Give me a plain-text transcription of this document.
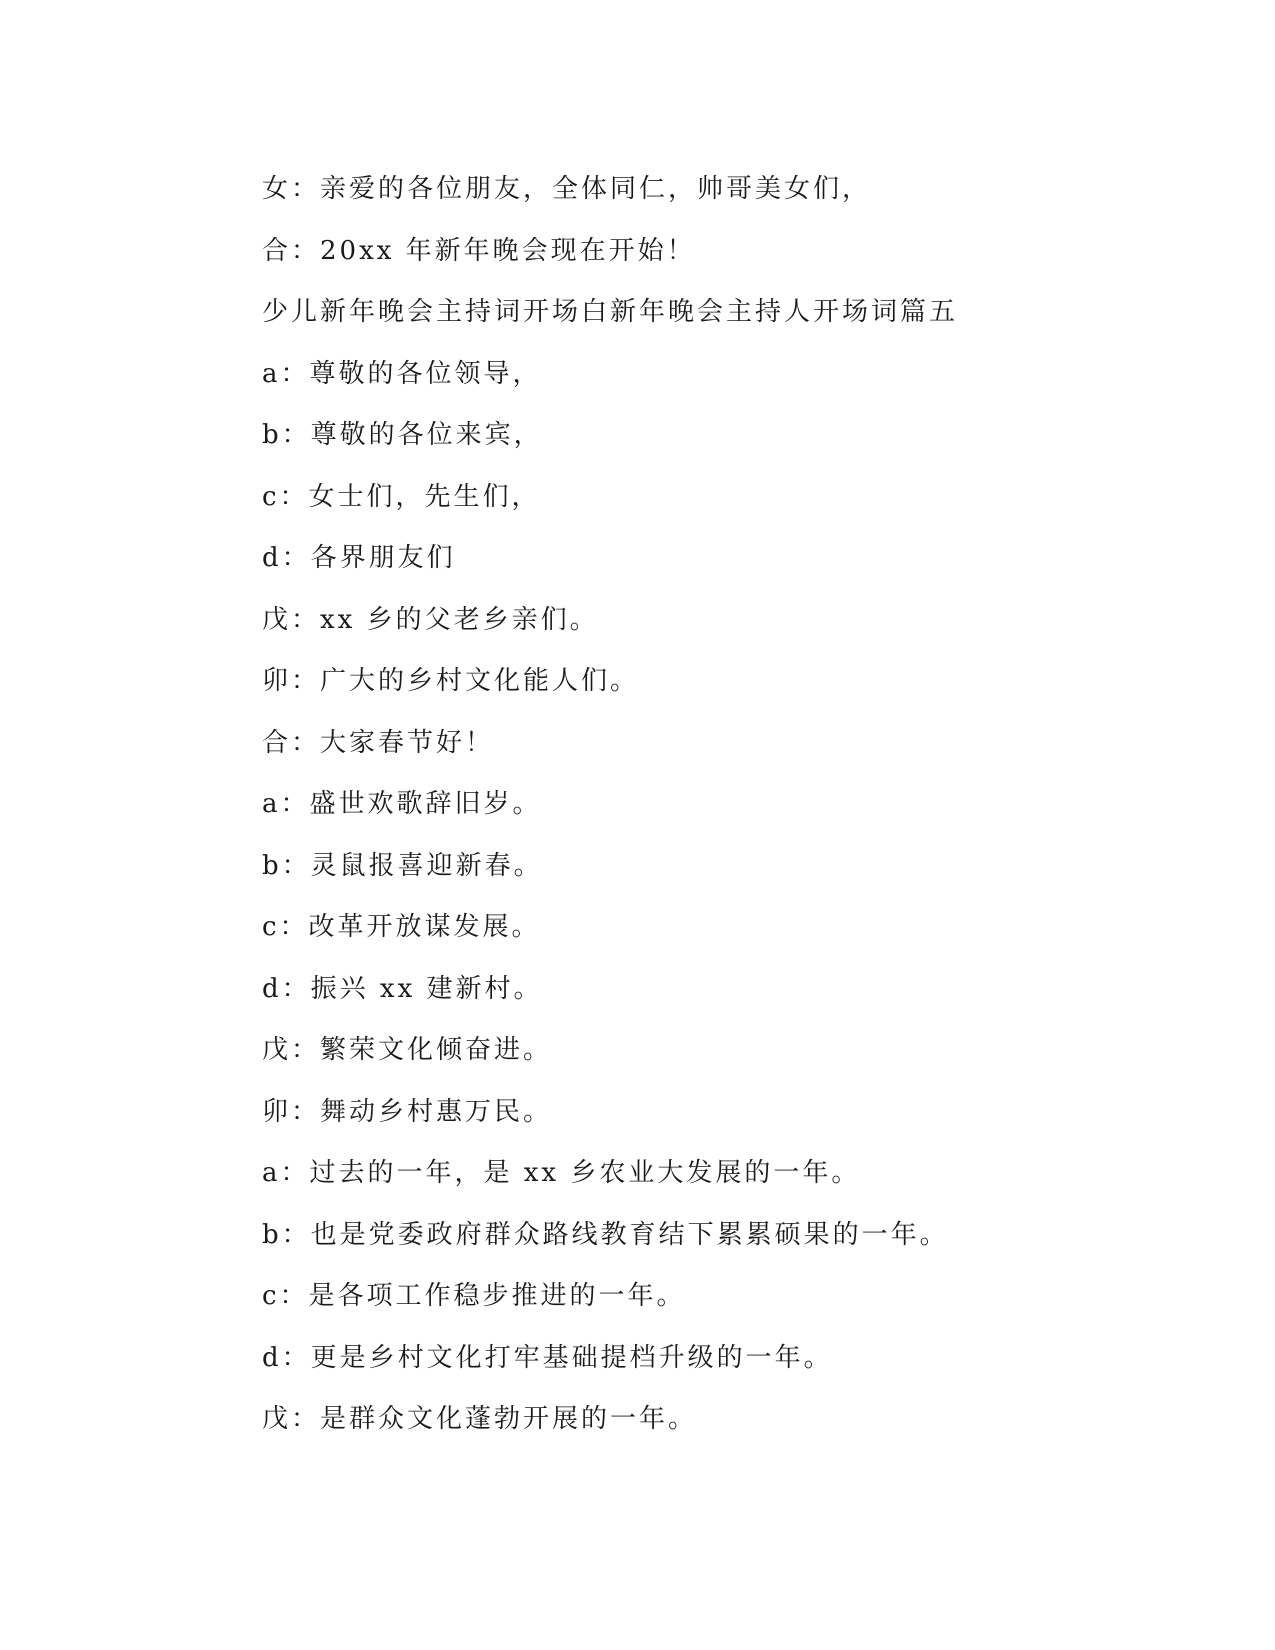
女：亲爱的各位朋友，全体同仁，帅哥美女们，
合：20xx 年新年晚会现在开始！
少儿新年晚会主持词开场白新年晚会主持人开场词篇五
a：尊敬的各位领导，
b：尊敬的各位来宾，
c：女士们，先生们，
d：各界朋友们
戊：xx 乡的父老乡亲们。
卯：广大的乡村文化能人们。
合：大家春节好！
a：盛世欢歌辞旧岁。
b：灵鼠报喜迎新春。
c：改革开放谋发展。
d：振兴 xx 建新村。
戊：繁荣文化倾奋进。
卯：舞动乡村惠万民。
a：过去的一年，是 xx 乡农业大发展的一年。
b：也是党委政府群众路线教育结下累累硕果的一年。
c：是各项工作稳步推进的一年。
d：更是乡村文化打牢基础提档升级的一年。
戊：是群众文化蓬勃开展的一年。
